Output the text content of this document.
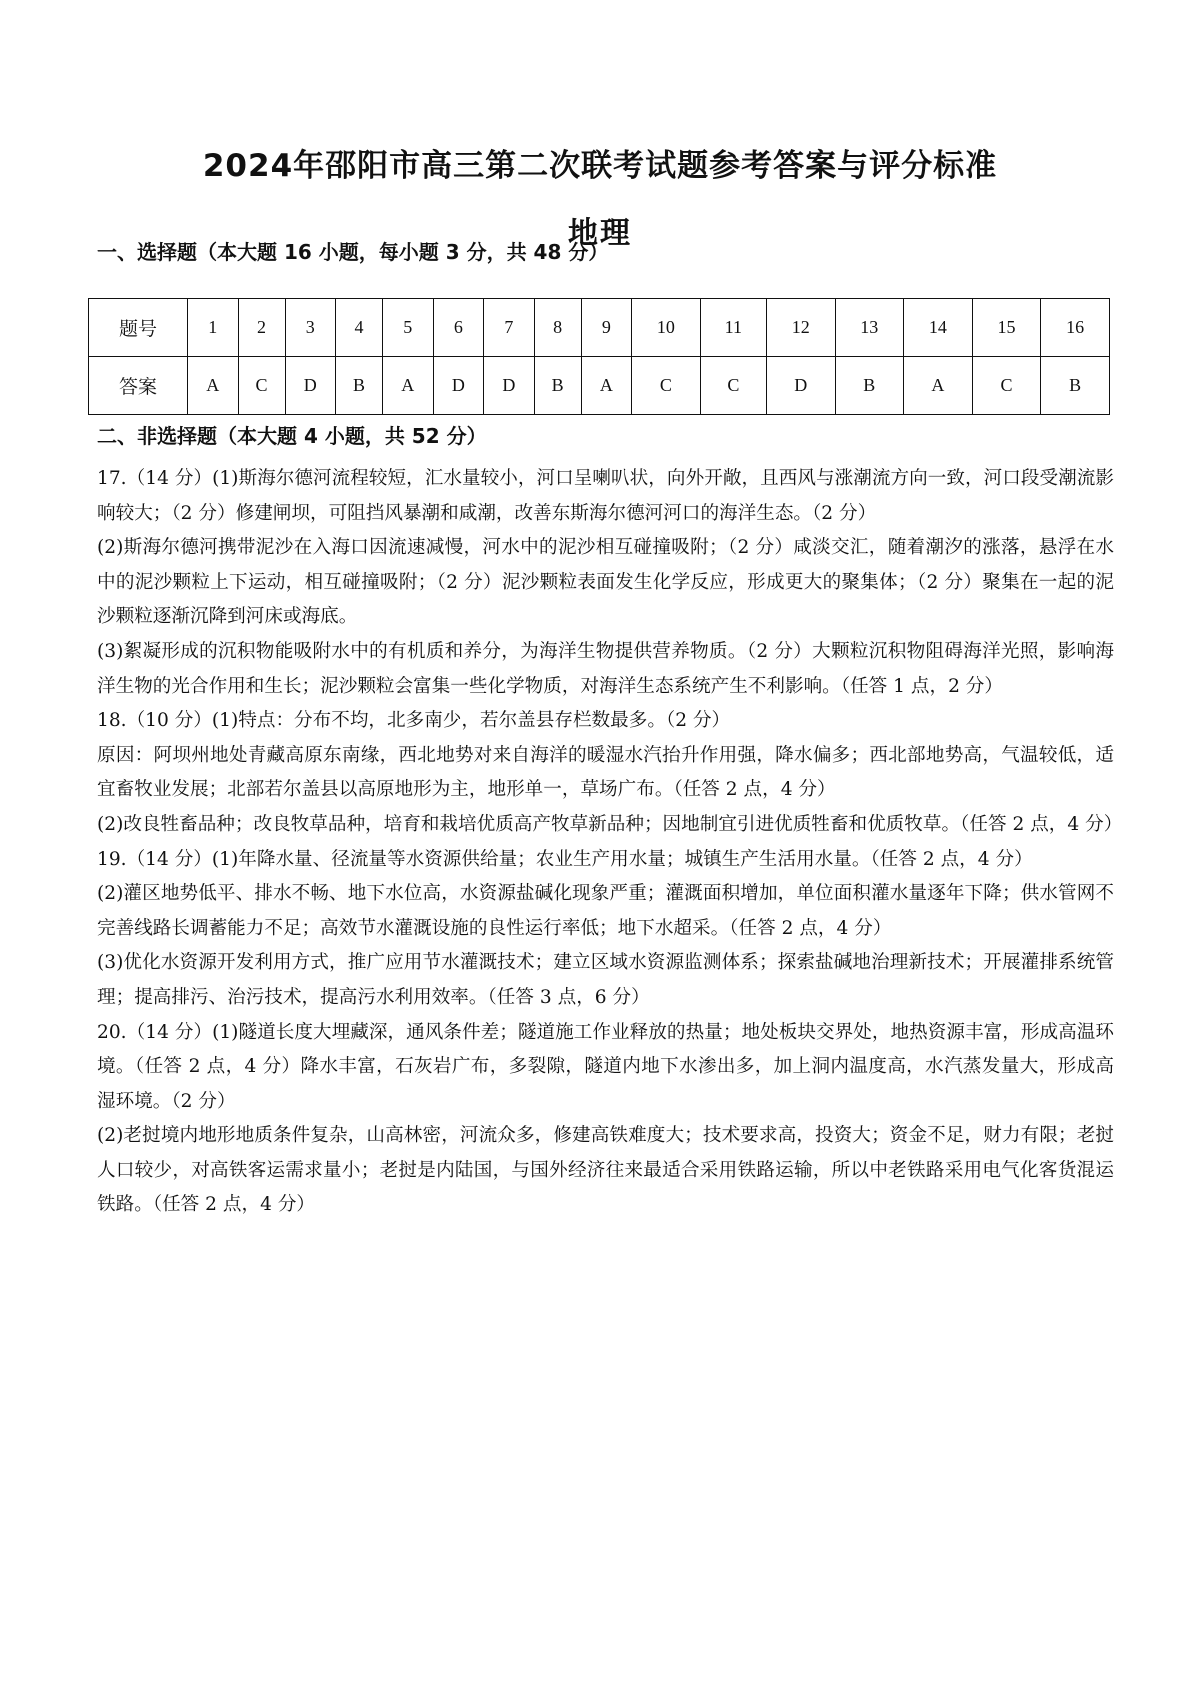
2024年邵阳市高三第二次联考试题参考答案与评分标准
地理
一、选择题（本大题 16 小题，每小题 3 分，共 48 分）
题号	1	2	3	4	5	6	7	8	9	10	11	12	13	14	15	16
答案	A	C	D	B	A	D	D	B	A	C	C	D	B	A	C	B
二、非选择题（本大题 4 小题，共 52 分）

17.（14 分）(1)斯海尔德河流程较短，汇水量较小，河口呈喇叭状，向外开敞，且西风与涨潮流方向一致，河口段受潮流影响较大；（2 分）修建闸坝，可阻挡风暴潮和咸潮，改善东斯海尔德河河口的海洋生态。（2 分）

(2)斯海尔德河携带泥沙在入海口因流速减慢，河水中的泥沙相互碰撞吸附；（2 分）咸淡交汇，随着潮汐的涨落，悬浮在水中的泥沙颗粒上下运动，相互碰撞吸附；（2 分）泥沙颗粒表面发生化学反应，形成更大的聚集体；（2 分）聚集在一起的泥沙颗粒逐渐沉降到河床或海底。

(3)絮凝形成的沉积物能吸附水中的有机质和养分，为海洋生物提供营养物质。（2 分）大颗粒沉积物阻碍海洋光照，影响海洋生物的光合作用和生长；泥沙颗粒会富集一些化学物质，对海洋生态系统产生不利影响。（任答 1 点，2 分）

18.（10 分）(1)特点：分布不均，北多南少，若尔盖县存栏数最多。（2 分）

原因：阿坝州地处青藏高原东南缘，西北地势对来自海洋的暖湿水汽抬升作用强，降水偏多；西北部地势高，气温较低，适宜畜牧业发展；北部若尔盖县以高原地形为主，地形单一，草场广布。（任答 2 点，4 分）

(2)改良牲畜品种；改良牧草品种，培育和栽培优质高产牧草新品种；因地制宜引进优质牲畜和优质牧草。（任答 2 点，4 分）

19.（14 分）(1)年降水量、径流量等水资源供给量；农业生产用水量；城镇生产生活用水量。（任答 2 点，4 分）

(2)灌区地势低平、排水不畅、地下水位高，水资源盐碱化现象严重；灌溉面积增加，单位面积灌水量逐年下降；供水管网不完善线路长调蓄能力不足；高效节水灌溉设施的良性运行率低；地下水超采。（任答 2 点，4 分）

(3)优化水资源开发利用方式，推广应用节水灌溉技术；建立区域水资源监测体系；探索盐碱地治理新技术；开展灌排系统管理；提高排污、治污技术，提高污水利用效率。（任答 3 点，6 分）

20.（14 分）(1)隧道长度大埋藏深，通风条件差；隧道施工作业释放的热量；地处板块交界处，地热资源丰富，形成高温环境。（任答 2 点，4 分）降水丰富，石灰岩广布，多裂隙，隧道内地下水渗出多，加上洞内温度高，水汽蒸发量大，形成高湿环境。（2 分）

(2)老挝境内地形地质条件复杂，山高林密，河流众多，修建高铁难度大；技术要求高，投资大；资金不足，财力有限；老挝人口较少，对高铁客运需求量小；老挝是内陆国，与国外经济往来最适合采用铁路运输，所以中老铁路采用电气化客货混运铁路。（任答 2 点，4 分）
